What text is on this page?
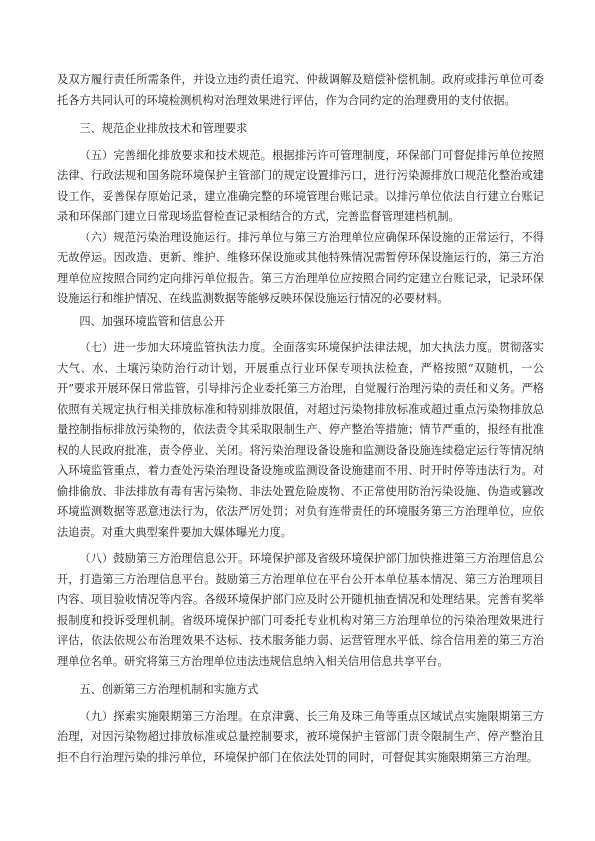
及双方履行责任所需条件，并设立违约责任追究、仲裁调解及赔偿补偿机制。政府或排污单位可委托各方共同认可的环境检测机构对治理效果进行评估，作为合同约定的治理费用的支付依据。

三、规范企业排放技术和管理要求

（五）完善细化排放要求和技术规范。根据排污许可管理制度，环保部门可督促排污单位按照法律、行政法规和国务院环境保护主管部门的规定设置排污口，进行污染源排放口规范化整治或建设工作，妥善保存原始记录，建立准确完整的环境管理台账记录。以排污单位依法自行建立台账记录和环保部门建立日常现场监督检查记录相结合的方式，完善监督管理建档机制。

（六）规范污染治理设施运行。排污单位与第三方治理单位应确保环保设施的正常运行，不得无故停运。因改造、更新、维护、维修环保设施或其他特殊情况需暂停环保设施运行的，第三方治理单位应按照合同约定向排污单位报告。第三方治理单位应按照合同约定建立台账记录，记录环保设施运行和维护情况、在线监测数据等能够反映环保设施运行情况的必要材料。

四、加强环境监管和信息公开

（七）进一步加大环境监管执法力度。全面落实环境保护法律法规，加大执法力度。贯彻落实大气、水、土壤污染防治行动计划，开展重点行业环保专项执法检查，严格按照“双随机，一公开”要求开展环保日常监管，引导排污企业委托第三方治理，自觉履行治理污染的责任和义务。严格依照有关规定执行相关排放标准和特别排放限值，对超过污染物排放标准或超过重点污染物排放总量控制指标排放污染物的，依法责令其采取限制生产、停产整治等措施；情节严重的，报经有批准权的人民政府批准，责令停业、关闭。将污染治理设备设施和监测设备设施连续稳定运行等情况纳入环境监管重点，着力查处污染治理设备设施或监测设备设施建而不用、时开时停等违法行为。对偷排偷放、非法排放有毒有害污染物、非法处置危险废物、不正常使用防治污染设施、伪造或篡改环境监测数据等恶意违法行为，依法严厉处罚；对负有连带责任的环境服务第三方治理单位，应依法追责。对重大典型案件要加大媒体曝光力度。

（八）鼓励第三方治理信息公开。环境保护部及省级环境保护部门加快推进第三方治理信息公开，打造第三方治理信息平台。鼓励第三方治理单位在平台公开本单位基本情况、第三方治理项目内容、项目验收情况等内容。各级环境保护部门应及时公开随机抽查情况和处理结果。完善有奖举报制度和投诉受理机制。省级环境保护部门可委托专业机构对第三方治理单位的污染治理效果进行评估，依法依规公布治理效果不达标、技术服务能力弱、运营管理水平低、综合信用差的第三方治理单位名单。研究将第三方治理单位违法违规信息纳入相关信用信息共享平台。

五、创新第三方治理机制和实施方式

（九）探索实施限期第三方治理。在京津冀、长三角及珠三角等重点区域试点实施限期第三方治理，对因污染物超过排放标准或总量控制要求，被环境保护主管部门责令限制生产、停产整治且拒不自行治理污染的排污单位，环境保护部门在依法处罚的同时，可督促其实施限期第三方治理。
